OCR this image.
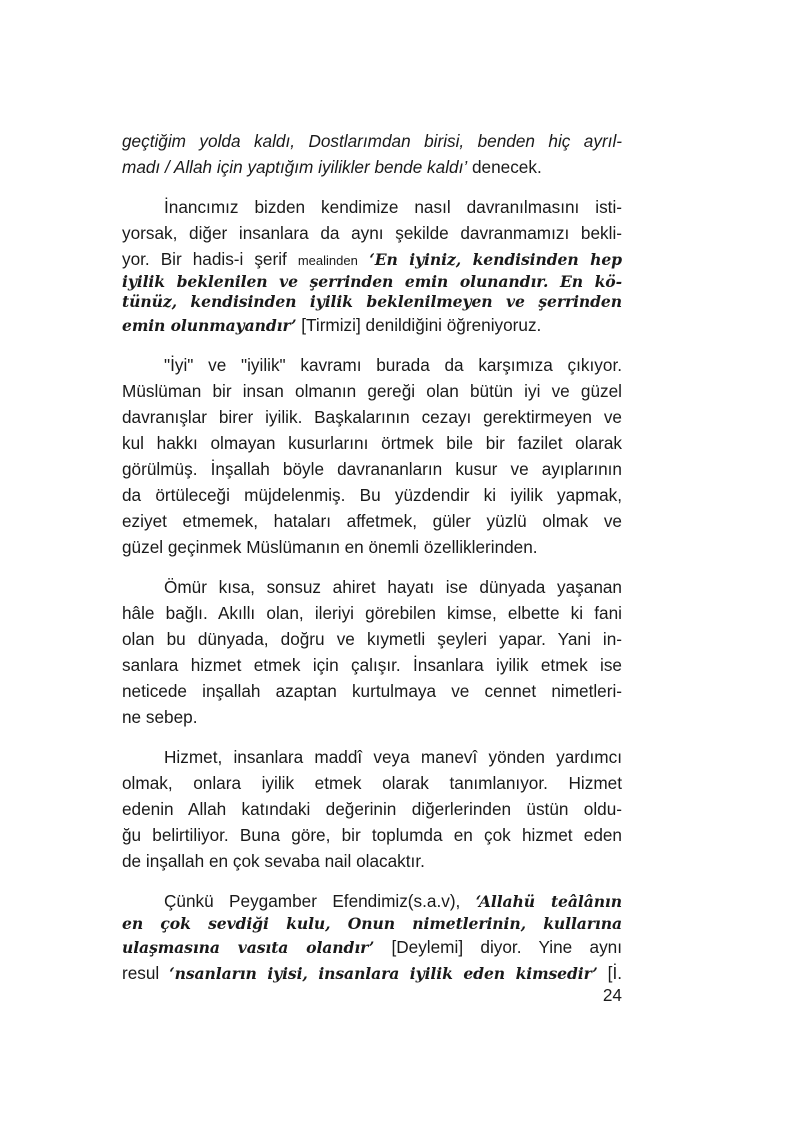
geçtiğim yolda kaldı, Dostlarımdan birisi, benden hiç ayrıl-
madı / Allah için yaptığım iyilikler bende kaldı’ denecek.
İnancımız bizden kendimize nasıl davranılmasını isti-
yorsak, diğer insanlara da aynı şekilde davranmamızı bekli-
yor. Bir hadis-i şerif mealinden ‘En iyiniz, kendisinden hep
iyilik beklenilen ve şerrinden emin olunandır. En kö-
tünüz, kendisinden iyilik beklenilmeyen ve şerrinden
emin olunmayandır’ [Tirmizi] denildiğini öğreniyoruz.
"İyi" ve "iyilik" kavramı burada da karşımıza çıkıyor.
Müslüman bir insan olmanın gereği olan bütün iyi ve güzel
davranışlar birer iyilik. Başkalarının cezayı gerektirmeyen ve
kul hakkı olmayan kusurlarını örtmek bile bir fazilet olarak
görülmüş. İnşallah böyle davrananların kusur ve ayıplarının
da örtüleceği müjdelenmiş. Bu yüzdendir ki iyilik yapmak,
eziyet etmemek, hataları affetmek, güler yüzlü olmak ve
güzel geçinmek Müslümanın en önemli özelliklerinden.
Ömür kısa, sonsuz ahiret hayatı ise dünyada yaşanan
hâle bağlı. Akıllı olan, ileriyi görebilen kimse, elbette ki fani
olan bu dünyada, doğru ve kıymetli şeyleri yapar. Yani in-
sanlara hizmet etmek için çalışır. İnsanlara iyilik etmek ise
neticede inşallah azaptan kurtulmaya ve cennet nimetleri-
ne sebep.
Hizmet, insanlara maddî veya manevî yönden yardımcı
olmak, onlara iyilik etmek olarak tanımlanıyor. Hizmet
edenin Allah katındaki değerinin diğerlerinden üstün oldu-
ğu belirtiliyor. Buna göre, bir toplumda en çok hizmet eden
de inşallah en çok sevaba nail olacaktır.
Çünkü Peygamber Efendimiz(s.a.v), ‘Allahü teâlânın
en çok sevdiği kulu, Onun nimetlerinin, kullarına
ulaşmasına vasıta olandır’ [Deylemi] diyor. Yine aynı
resul ‘nsanların iyisi, insanlara iyilik eden kimsedir’ [İ.
24
